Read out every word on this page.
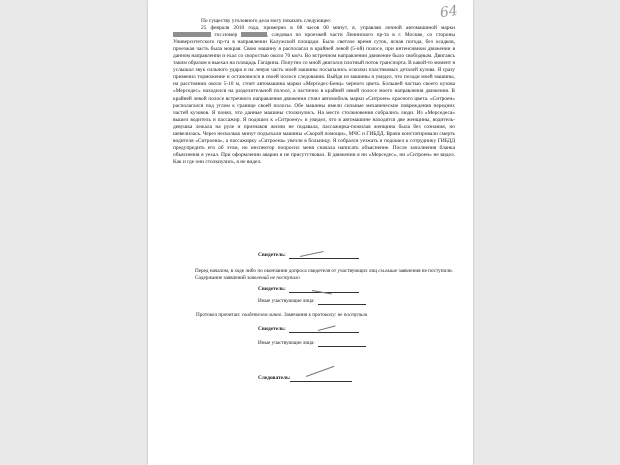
64

По существу уголовного дела могу показать следующее:

25 февраля 2010 года, примерно в 08 часов 00 минут, я, управляя личной автомашиной марки  гос.номер	, следовал по проезжей части Ленинского пр-та в г. Москве, со стороны Университетского пр-та в направлении Калужской площади. Было светлое время суток, ясная погода, без осадков, проезжая часть была мокрая. Свою машину я располагал в крайней левой (5-ой) полосе, при интенсивном движении в данном направлении и ехал со скоростью около 70 км/ч. Во встречном направлении движение было свободным. Двигаясь таким образом я выехал на площадь Гагарина. Попутно со мной двигался плотный поток транспорта. В какой-то момент я услышал звук сильного удара и на левую часть моей машины посыпались осколки пластиковых деталей кузова. Я сразу применил торможение и остановился в своей полосе следования. Выйдя из машины я увидел, что позади моей машины, на расстоянии около 5-10 м, стоит автомашина марки «Мерседес-Бенц» черного цвета. Большей частью своего кузова «Мерседес» находился на разделительной полосе, а частично в крайней левой полосе моего направления движения. В крайней левой полосе встречного направления движения стоял автомобиль марки «Ситроен» красного цвета. «Ситроен» располагался под углом к границе своей полосы. Обе машины имели сильные механические повреждения передних частей кузовов. Я понял, что данные машины столкнулись. На место столкновения собрались люди. Из «Мерседеса» вышел водитель и пассажир. Я подошел к «Ситроену» и увидел, что в автомашине находятся две женщины, водитель-девушка лежала на руле и признаков жизни не подавала, пассажирка-пожилая женщина была без сознания, но шевелилась. Через несколько минут подъехали машины «Скорой помощи», МЧС и ГИБДД. Врачи констатировали смерть водителя «Ситроена», а пассажирку «Ситроена» увезли в больницу. Я собрался уезжать и подошел к сотруднику ГИБДД предупредить его об этом, но инспектор попросил меня сначала написать объяснение. После заполнения бланка объяснения я уехал. При оформлении аварии я не присутствовал. В движении я ни «Мерседес», ни «Ситроен» не видел. Как и где они столкнулись, я не видел.

Свидетель:
Перед началом, в ходе либо по окончании допроса свидетеля от участвующих лиц см.выше заявления не поступили. Содержание заявлений заявлений не поступило
Свидетель:
Иные участвующие лица:
Протокол прочитан: свидетелем лично. Замечания к протоколу: не поступили
Свидетель:
Иные участвующие лица:
Следователь:
